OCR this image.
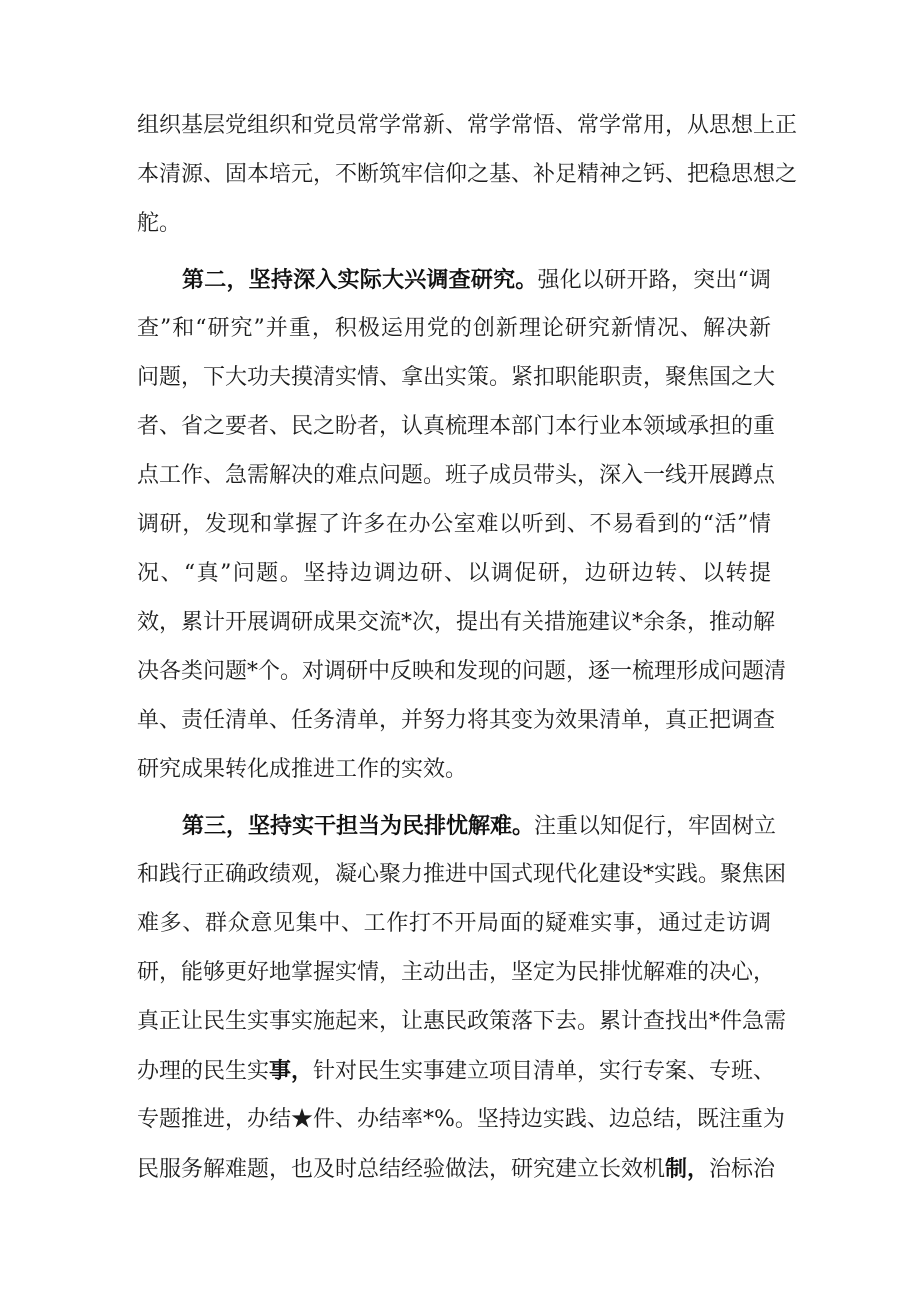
组织基层党组织和党员常学常新、常学常悟、常学常用，从思想上正
本清源、固本培元，不断筑牢信仰之基、补足精神之钙、把稳思想之
舵。
第二，坚持深入实际大兴调查研究。强化以研开路，突出“调
查”和“研究”并重，积极运用党的创新理论研究新情况、解决新
问题，下大功夫摸清实情、拿出实策。紧扣职能职责，聚焦国之大
者、省之要者、民之盼者，认真梳理本部门本行业本领域承担的重
点工作、急需解决的难点问题。班子成员带头，深入一线开展蹲点
调研，发现和掌握了许多在办公室难以听到、不易看到的“活”情
况、“真”问题。坚持边调边研、以调促研，边研边转、以转提
效，累计开展调研成果交流*次，提出有关措施建议*余条，推动解
决各类问题*个。对调研中反映和发现的问题，逐一梳理形成问题清
单、责任清单、任务清单，并努力将其变为效果清单，真正把调查
研究成果转化成推进工作的实效。
第三，坚持实干担当为民排忧解难。注重以知促行，牢固树立
和践行正确政绩观，凝心聚力推进中国式现代化建设*实践。聚焦困
难多、群众意见集中、工作打不开局面的疑难实事，通过走访调
研，能够更好地掌握实情，主动出击，坚定为民排忧解难的决心，
真正让民生实事实施起来，让惠民政策落下去。累计查找出*件急需
办理的民生实事，针对民生实事建立项目清单，实行专案、专班、
专题推进，办结★件、办结率*%。坚持边实践、边总结，既注重为
民服务解难题，也及时总结经验做法，研究建立长效机制，治标治
